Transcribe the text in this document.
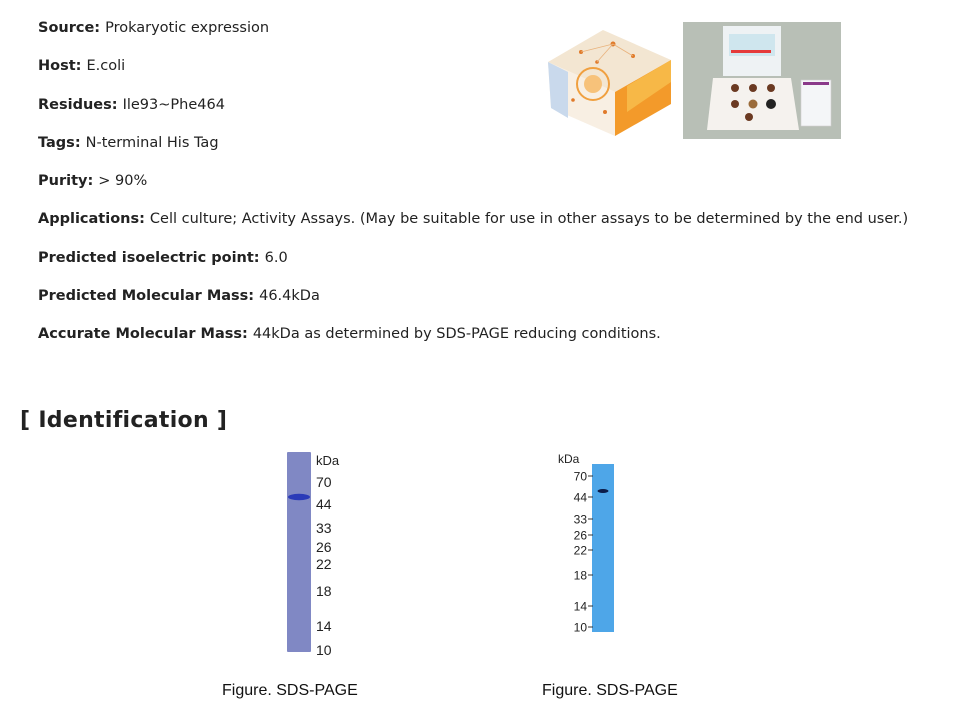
Source: Prokaryotic expression
Host: E.coli
Residues: Ile93~Phe464
Tags: N-terminal His Tag
Purity: > 90%
Applications: Cell culture; Activity Assays. (May be suitable for use in other assays to be determined by the end user.)
Predicted isoelectric point: 6.0
Predicted Molecular Mass: 46.4kDa
Accurate Molecular Mass: 44kDa as determined by SDS-PAGE reducing conditions.
[ Identification ]
kDa
70
44
33
26
22
18
14
10
kDa
70
44
33
26
22
18
14
10
Figure. SDS-PAGE	Figure. SDS-PAGE
